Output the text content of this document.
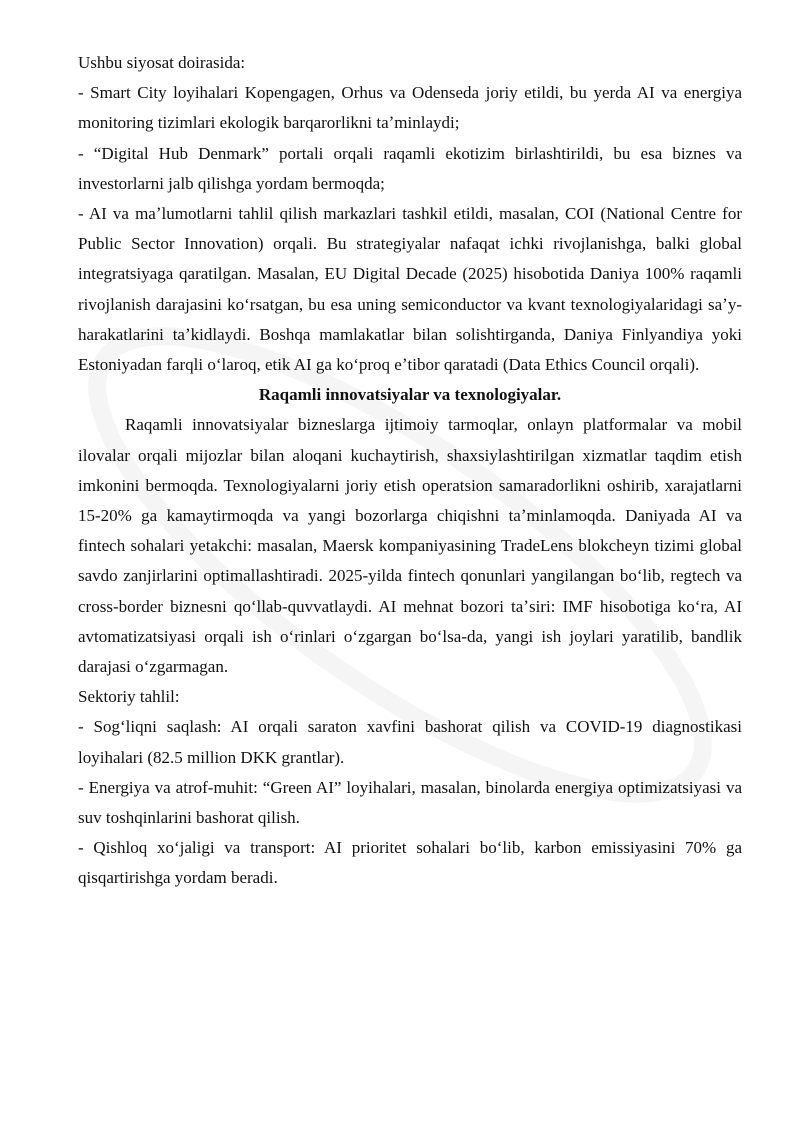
Ushbu siyosat doirasida:

- Smart City loyihalari Kopengagen, Orhus va Odenseda joriy etildi, bu yerda AI va energiya monitoring tizimlari ekologik barqarorlikni taʼminlaydi;

- “Digital Hub Denmark” portali orqali raqamli ekotizim birlashtirildi, bu esa biznes va investorlarni jalb qilishga yordam bermoqda;

- AI va maʼlumotlarni tahlil qilish markazlari tashkil etildi, masalan, COI (National Centre for Public Sector Innovation) orqali. Bu strategiyalar nafaqat ichki rivojlanishga, balki global integratsiyaga qaratilgan. Masalan, EU Digital Decade (2025) hisobotida Daniya 100% raqamli rivojlanish darajasini koʻrsatgan, bu esa uning semiconductor va kvant texnologiyalaridagi saʼy-harakatlarini taʼkidlaydi. Boshqa mamlakatlar bilan solishtirganda, Daniya Finlyandiya yoki Estoniyadan farqli oʻlaroq, etik AI ga koʻproq eʼtibor qaratadi (Data Ethics Council orqali).

Raqamli innovatsiyalar va texnologiyalar.

Raqamli innovatsiyalar bizneslarga ijtimoiy tarmoqlar, onlayn platformalar va mobil ilovalar orqali mijozlar bilan aloqani kuchaytirish, shaxsiylashtirilgan xizmatlar taqdim etish imkonini bermoqda. Texnologiyalarni joriy etish operatsion samaradorlikni oshirib, xarajatlarni 15-20% ga kamaytirmoqda va yangi bozorlarga chiqishni taʼminlamoqda. Daniyada AI va fintech sohalari yetakchi: masalan, Maersk kompaniyasining TradeLens blokcheyn tizimi global savdo zanjirlarini optimallashtiradi. 2025-yilda fintech qonunlari yangilangan boʻlib, regtech va cross-border biznesni qoʻllab-quvvatlaydi. AI mehnat bozori taʼsiri: IMF hisobotiga koʻra, AI avtomatizatsiyasi orqali ish oʻrinlari oʻzgargan boʻlsa-da, yangi ish joylari yaratilib, bandlik darajasi oʻzgarmagan.

Sektoriy tahlil:

- Sogʻliqni saqlash: AI orqali saraton xavfini bashorat qilish va COVID-19 diagnostikasi loyihalari (82.5 million DKK grantlar).

- Energiya va atrof-muhit: “Green AI” loyihalari, masalan, binolarda energiya optimizatsiyasi va suv toshqinlarini bashorat qilish.

- Qishloq xoʻjaligi va transport: AI prioritet sohalari boʻlib, karbon emissiyasini 70% ga qisqartirishga yordam beradi.
